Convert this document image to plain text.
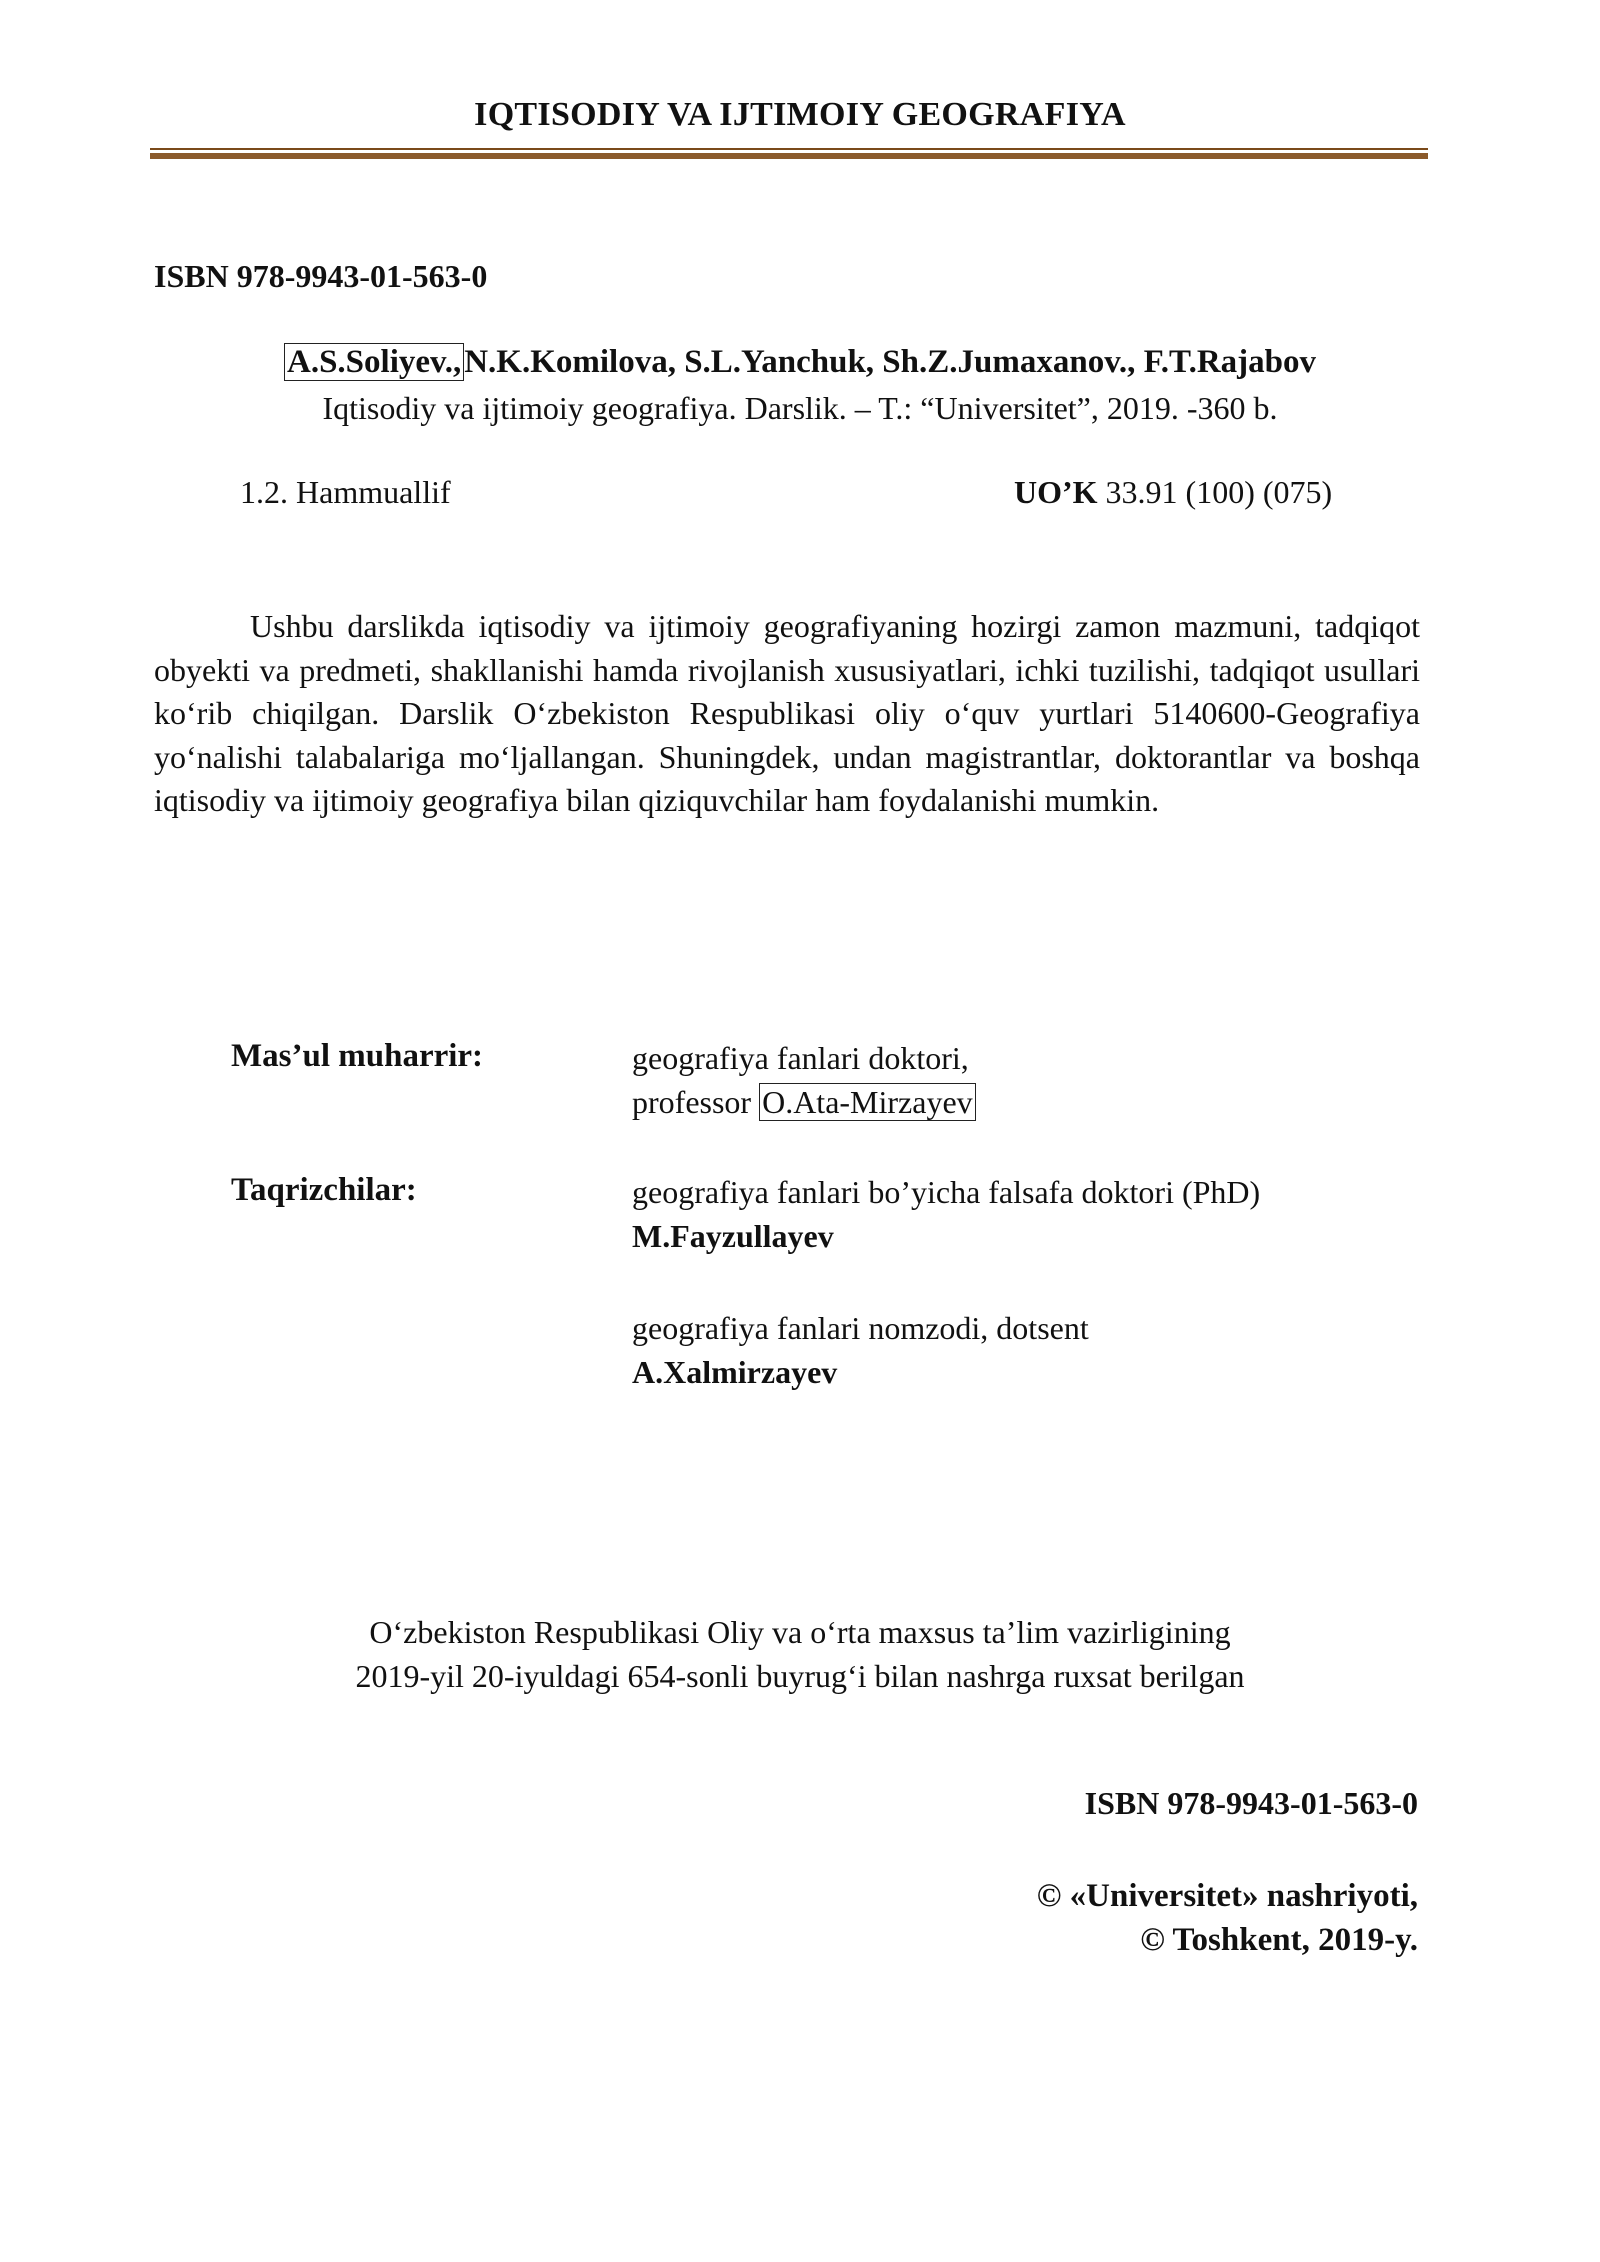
IQTISODIY VA IJTIMOIY GEOGRAFIYA
ISBN 978-9943-01-563-0
A.S.Soliyev.,N.K.Komilova, S.L.Yanchuk, Sh.Z.Jumaxanov., F.T.Rajabov
Iqtisodiy va ijtimoiy geografiya. Darslik. – T.: “Universitet”, 2019. -360 b.
1.2. Hammuallif	UO’K 33.91 (100) (075)
Ushbu darslikda iqtisodiy va ijtimoiy geografiyaning hozirgi zamon mazmuni, tadqiqot obyekti va predmeti, shakllanishi hamda rivojlanish xususiyatlari, ichki tuzilishi, tadqiqot usullari ko‘rib chiqilgan. Darslik O‘zbekiston Respublikasi oliy o‘quv yurtlari 5140600-Geografiya yo‘nalishi talabalariga mo‘ljallangan. Shuningdek, undan magistrantlar, doktorantlar va boshqa iqtisodiy va ijtimoiy geografiya bilan qiziquvchilar ham foydalanishi mumkin.
Mas’ul muharrir:	geografiya fanlari doktori,
professor O.Ata-Mirzayev
Taqrizchilar:	geografiya fanlari bo’yicha falsafa doktori (PhD)
M.Fayzullayev
geografiya fanlari nomzodi, dotsent
A.Xalmirzayev
O‘zbekiston Respublikasi Oliy va o‘rta maxsus ta’lim vazirligining
2019-yil 20-iyuldagi 654-sonli buyrug‘i bilan nashrga ruxsat berilgan
ISBN 978-9943-01-563-0
© «Universitet» nashriyoti,
© Toshkent, 2019-y.
